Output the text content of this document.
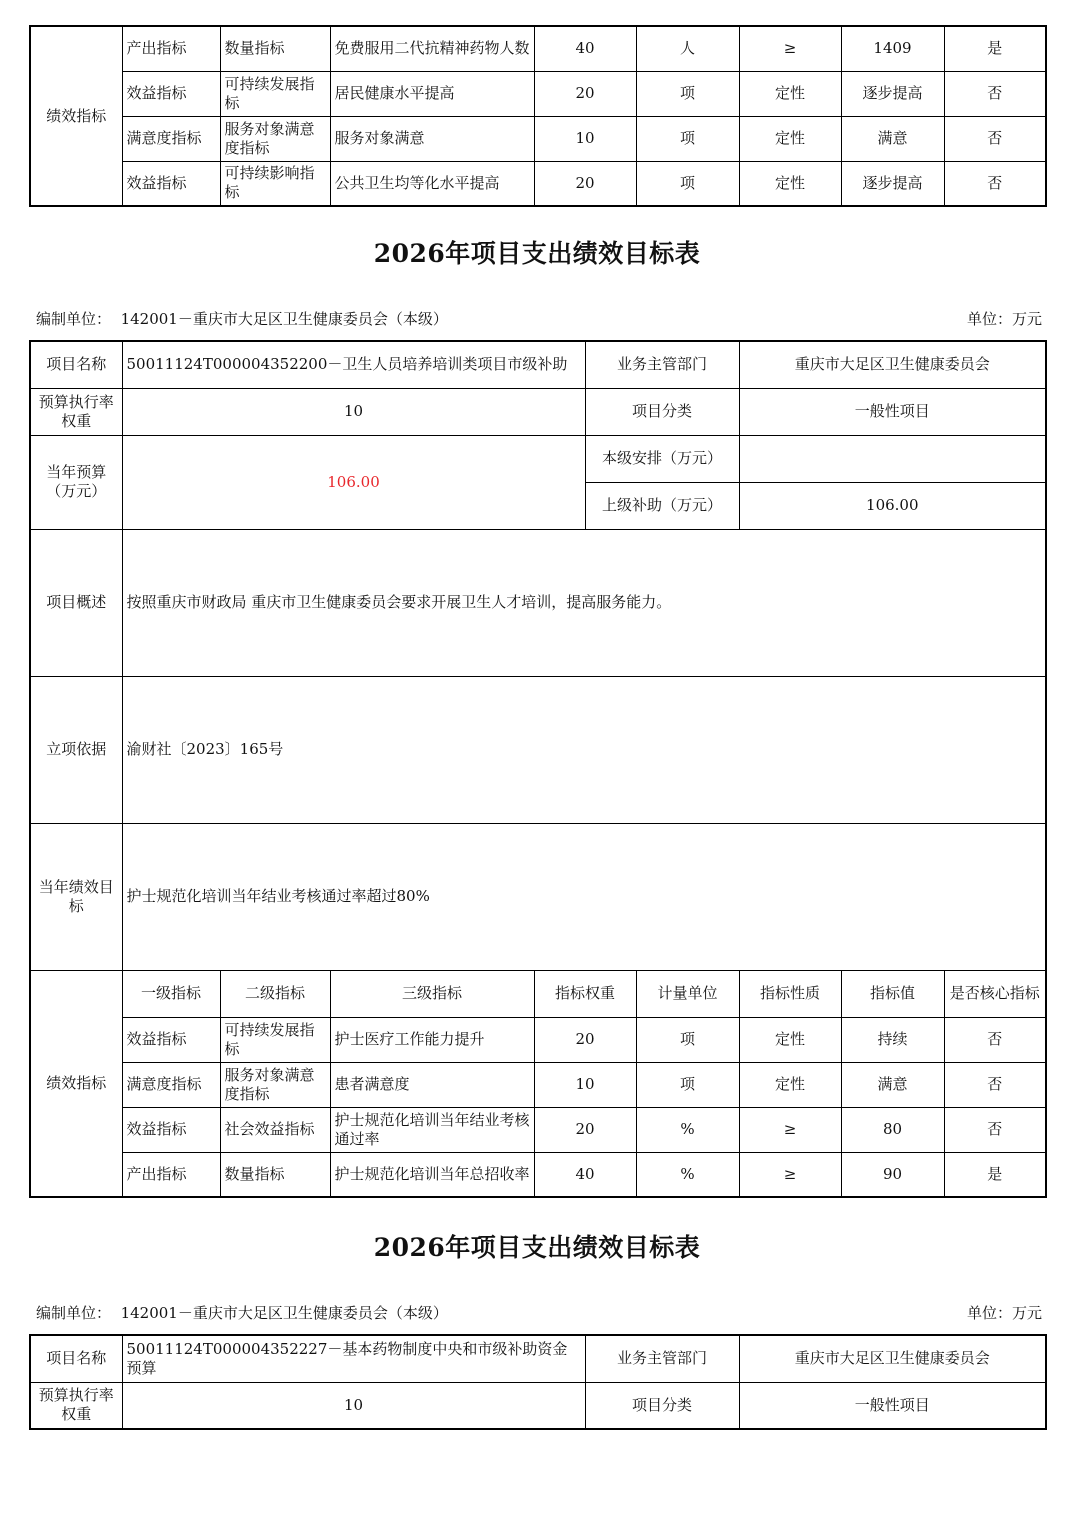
绩效指标	产出指标	数量指标	免费服用二代抗精神药物人数	40	人	≥	1409	是
	效益指标	可持续发展指标	居民健康水平提高	20	项	定性	逐步提高	否
	满意度指标	服务对象满意度指标	服务对象满意	10	项	定性	满意	否
	效益指标	可持续影响指标	公共卫生均等化水平提高	20	项	定性	逐步提高	否
2026年项目支出绩效目标表
编制单位： 142001－重庆市大足区卫生健康委员会（本级）	单位：万元
项目名称	50011124T000004352200－卫生人员培养培训类项目市级补助				业务主管部门		重庆市大足区卫生健康委员会		
预算执行率权重	10				项目分类		一般性项目		
当年预算（万元）	106.00				本级安排（万元）				
					上级补助（万元）		106.00		
项目概述	按照重庆市财政局 重庆市卫生健康委员会要求开展卫生人才培训，提高服务能力。								
立项依据	渝财社〔2023〕165号								
当年绩效目标	护士规范化培训当年结业考核通过率超过80%								
绩效指标	一级指标	二级指标	三级指标	指标权重		计量单位	指标性质	指标值	是否核心指标
	效益指标	可持续发展指标	护士医疗工作能力提升	20		项	定性	持续	否
	满意度指标	服务对象满意度指标	患者满意度	10		项	定性	满意	否
	效益指标	社会效益指标	护士规范化培训当年结业考核通过率	20		%	≥	80	否
	产出指标	数量指标	护士规范化培训当年总招收率	40		%	≥	90	是
2026年项目支出绩效目标表
编制单位： 142001－重庆市大足区卫生健康委员会（本级）	单位：万元
项目名称	50011124T000004352227－基本药物制度中央和市级补助资金预算	业务主管部门	重庆市大足区卫生健康委员会
预算执行率权重	10	项目分类	一般性项目
